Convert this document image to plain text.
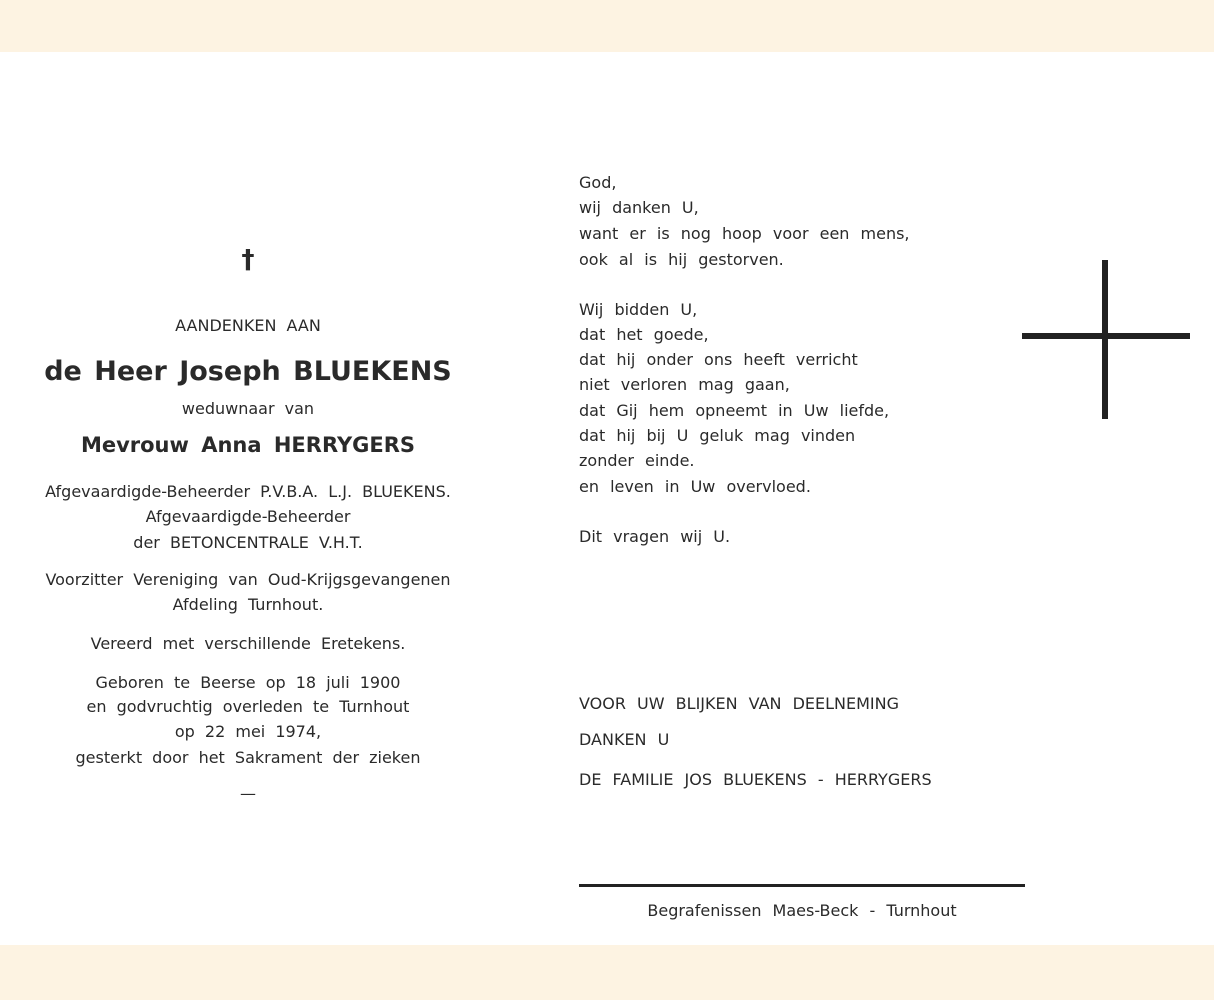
†
AANDENKEN AAN
de Heer Joseph BLUEKENS
weduwnaar van
Mevrouw Anna HERRYGERS
Afgevaardigde-Beheerder P.V.B.A. L.J. BLUEKENS.
Afgevaardigde-Beheerder
der BETONCENTRALE V.H.T.
Voorzitter Vereniging van Oud-Krijgsgevangenen
Afdeling Turnhout.
Vereerd met verschillende Eretekens.
Geboren te Beerse op 18 juli 1900
en godvruchtig overleden te Turnhout
op 22 mei 1974,
gesterkt door het Sakrament der zieken
—
God,
wij danken U,
want er is nog hoop voor een mens,
ook al is hij gestorven.
Wij bidden U,
dat het goede,
dat hij onder ons heeft verricht
niet verloren mag gaan,
dat Gij hem opneemt in Uw liefde,
dat hij bij U geluk mag vinden
zonder einde.
en leven in Uw overvloed.
Dit vragen wij U.
VOOR UW BLIJKEN VAN DEELNEMING
DANKEN U
DE FAMILIE JOS BLUEKENS - HERRYGERS
Begrafenissen Maes-Beck - Turnhout
